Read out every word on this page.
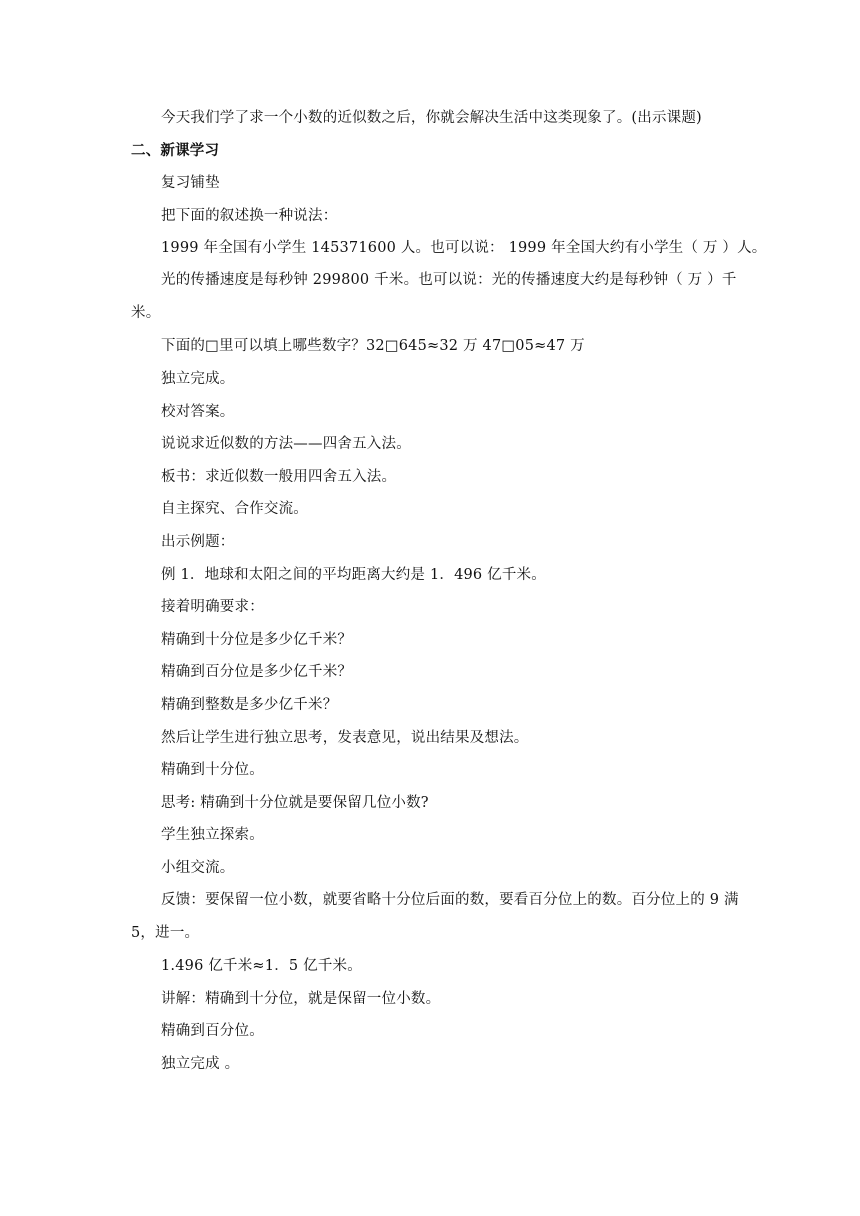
今天我们学了求一个小数的近似数之后，你就会解决生活中这类现象了。(出示课题)

二、新课学习

复习铺垫

把下面的叙述换一种说法：

1999 年全国有小学生 145371600 人。也可以说： 1999 年全国大约有小学生（ 万 ）人。

光的传播速度是每秒钟 299800 千米。也可以说：光的传播速度大约是每秒钟（ 万 ）千米。

下面的□里可以填上哪些数字？32□645≈32 万 47□05≈47 万

独立完成。

校对答案。

说说求近似数的方法——四舍五入法。

板书：求近似数一般用四舍五入法。

自主探究、合作交流。

出示例题：

例 1．地球和太阳之间的平均距离大约是 1．496 亿千米。

接着明确要求：

精确到十分位是多少亿千米？

精确到百分位是多少亿千米？

精确到整数是多少亿千米？

然后让学生进行独立思考，发表意见，说出结果及想法。

精确到十分位。

思考: 精确到十分位就是要保留几位小数?

学生独立探索。

小组交流。

反馈：要保留一位小数，就要省略十分位后面的数，要看百分位上的数。百分位上的 9 满 5，进一。

1.496 亿千米≈1．5 亿千米。

讲解：精确到十分位，就是保留一位小数。

精确到百分位。

独立完成 。
